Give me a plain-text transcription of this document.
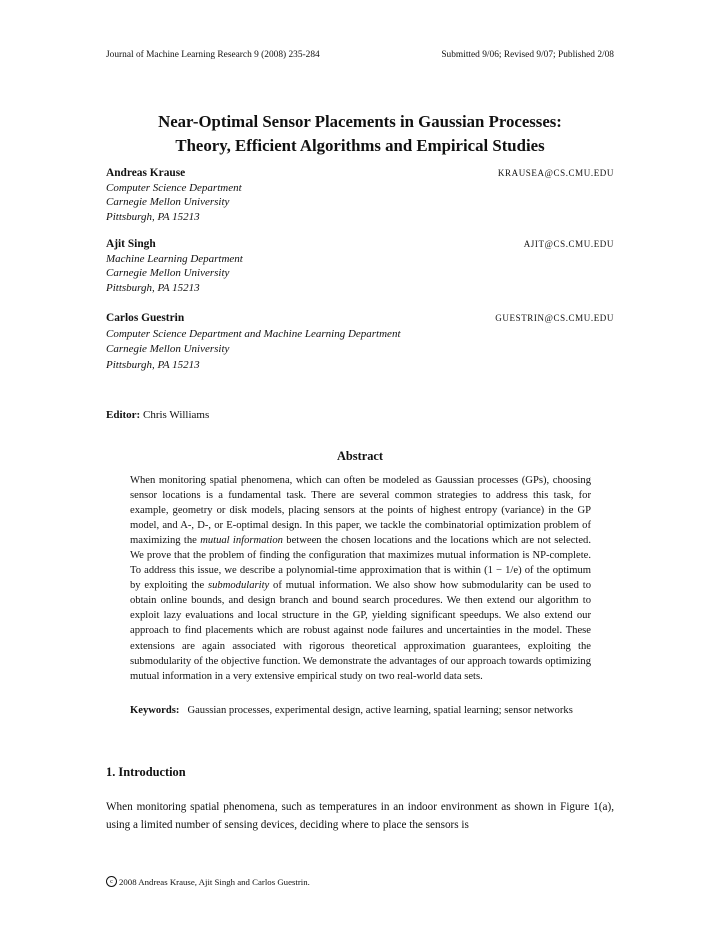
Journal of Machine Learning Research 9 (2008) 235-284	Submitted 9/06; Revised 9/07; Published 2/08
Near-Optimal Sensor Placements in Gaussian Processes:
Theory, Efficient Algorithms and Empirical Studies
Andreas Krause	KRAUSEA@CS.CMU.EDU
Computer Science Department
Carnegie Mellon University
Pittsburgh, PA 15213
Ajit Singh	AJIT@CS.CMU.EDU
Machine Learning Department
Carnegie Mellon University
Pittsburgh, PA 15213
Carlos Guestrin	GUESTRIN@CS.CMU.EDU
Computer Science Department and Machine Learning Department
Carnegie Mellon University
Pittsburgh, PA 15213
Editor: Chris Williams
Abstract
When monitoring spatial phenomena, which can often be modeled as Gaussian processes (GPs), choosing sensor locations is a fundamental task. There are several common strategies to address this task, for example, geometry or disk models, placing sensors at the points of highest entropy (variance) in the GP model, and A-, D-, or E-optimal design. In this paper, we tackle the combinatorial optimization problem of maximizing the mutual information between the chosen locations and the locations which are not selected. We prove that the problem of finding the configuration that maximizes mutual information is NP-complete. To address this issue, we describe a polynomial-time approximation that is within (1 − 1/e) of the optimum by exploiting the submodularity of mutual information. We also show how submodularity can be used to obtain online bounds, and design branch and bound search procedures. We then extend our algorithm to exploit lazy evaluations and local structure in the GP, yielding significant speedups. We also extend our approach to find placements which are robust against node failures and uncertainties in the model. These extensions are again associated with rigorous theoretical approximation guarantees, exploiting the submodularity of the objective function. We demonstrate the advantages of our approach towards optimizing mutual information in a very extensive empirical study on two real-world data sets.
Keywords: Gaussian processes, experimental design, active learning, spatial learning; sensor networks
1. Introduction
When monitoring spatial phenomena, such as temperatures in an indoor environment as shown in Figure 1(a), using a limited number of sensing devices, deciding where to place the sensors is
c 2008 Andreas Krause, Ajit Singh and Carlos Guestrin.
